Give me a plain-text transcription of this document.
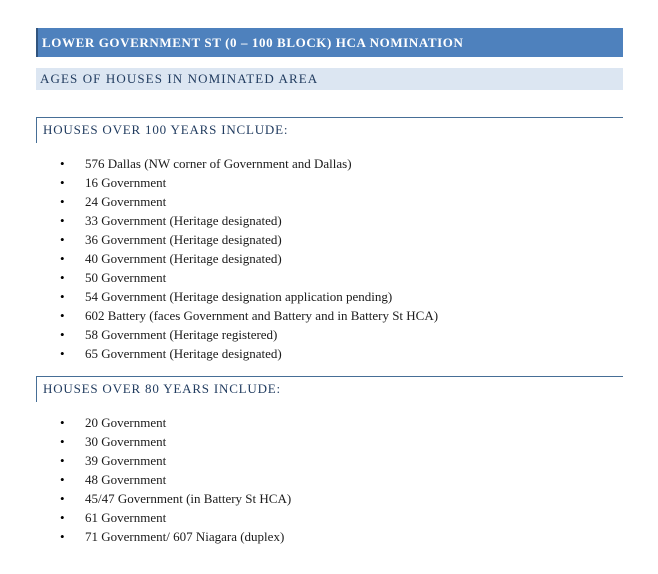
LOWER GOVERNMENT ST (0 – 100 BLOCK) HCA NOMINATION
AGES OF HOUSES IN NOMINATED AREA
HOUSES OVER 100 YEARS INCLUDE:
• 576 Dallas (NW corner of Government and Dallas)
• 16 Government
• 24 Government
• 33 Government (Heritage designated)
• 36 Government (Heritage designated)
• 40 Government (Heritage designated)
• 50 Government
• 54 Government (Heritage designation application pending)
• 602 Battery (faces Government and Battery and in Battery St HCA)
• 58 Government (Heritage registered)
• 65 Government (Heritage designated)
HOUSES OVER 80 YEARS INCLUDE:
• 20 Government
• 30 Government
• 39 Government
• 48 Government
• 45/47 Government (in Battery St HCA)
• 61 Government
• 71 Government/ 607 Niagara (duplex)
